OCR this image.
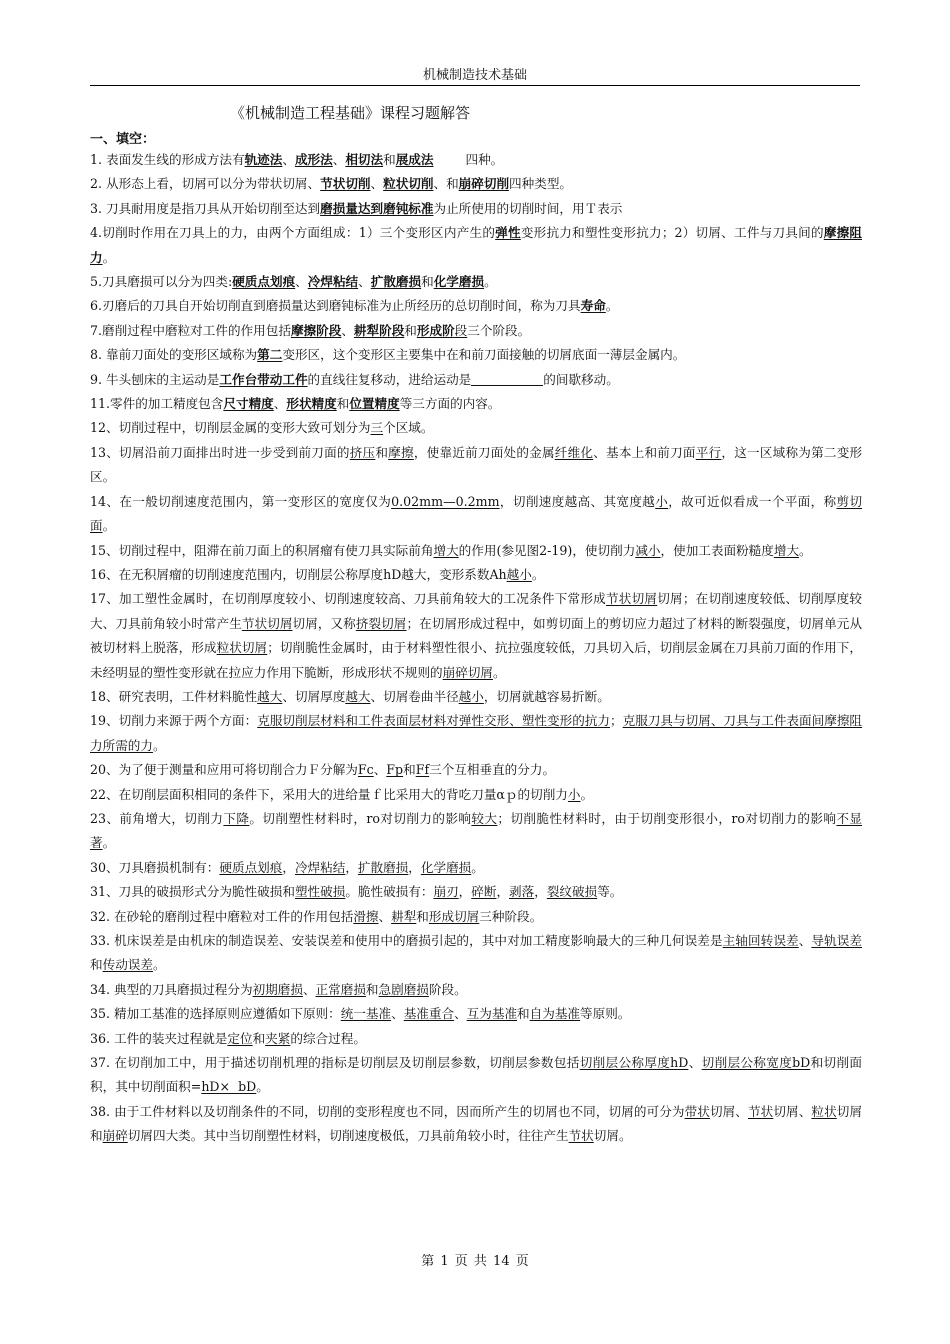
机械制造技术基础
《机械制造工程基础》课程习题解答
一、填空：

1. 表面发生线的形成方法有轨迹法、成形法、相切法和展成法        四种。

2. 从形态上看，切屑可以分为带状切屑、节状切削、粒状切削、和崩碎切削四种类型。

3. 刀具耐用度是指刀具从开始切削至达到磨损量达到磨钝标准为止所使用的切削时间，用Ｔ表示

4.切削时作用在刀具上的力，由两个方面组成：1）三个变形区内产生的弹性变形抗力和塑性变形抗力；2）切屑、工件与刀具间的摩擦阻力。

5.刀具磨损可以分为四类:硬质点划痕、冷焊粘结、扩散磨损和化学磨损。

6.刃磨后的刀具自开始切削直到磨损量达到磨钝标准为止所经历的总切削时间，称为刀具寿命。

7.磨削过程中磨粒对工件的作用包括摩擦阶段、耕犁阶段和形成阶段三个阶段。

8. 靠前刀面处的变形区域称为第二变形区，这个变形区主要集中在和前刀面接触的切屑底面一薄层金属内。

9. 牛头刨床的主运动是工作台带动工件的直线往复移动，进给运动是	的间歇移动。

11.零件的加工精度包含尺寸精度、形状精度和位置精度等三方面的内容。

12、切削过程中，切削层金属的变形大致可划分为三个区域。

13、切屑沿前刀面排出时进一步受到前刀面的挤压和摩擦，使靠近前刀面处的金属纤维化、基本上和前刀面平行，这一区域称为第二变形区。

14、在一般切削速度范围内，第一变形区的宽度仅为0.02mm—0.2mm，切削速度越高、其宽度越小，故可近似看成一个平面，称剪切面。

15、切削过程中，阻滞在前刀面上的积屑瘤有使刀具实际前角增大的作用(参见图2-19)，使切削力减小，使加工表面粉糙度增大。

16、在无积屑瘤的切削速度范围内，切削层公称厚度hD越大，变形系数Ah越小。

17、加工塑性金属时，在切削厚度较小、切削速度较高、刀具前角较大的工况条件下常形成节状切屑切屑；在切削速度较低、切削厚度较大、刀具前角较小时常产生节状切屑切屑，又称挤裂切屑；在切屑形成过程中，如剪切面上的剪切应力超过了材料的断裂强度，切屑单元从被切材料上脱落，形成粒状切屑；切削脆性金属时，由于材料塑性很小、抗拉强度较低，刀具切入后，切削层金属在刀具前刀面的作用下，未经明显的塑性变形就在拉应力作用下脆断，形成形状不规则的崩碎切屑。

18、研究表明，工件材料脆性越大、切屑厚度越大、切屑卷曲半径越小，切屑就越容易折断。

19、切削力来源于两个方面：克服切削层材料和工件表面层材料对弹性交形、塑性变形的抗力；克服刀具与切屑、刀具与工件表面间摩擦阻力所需的力。

20、为了便于测量和应用可将切削合力Ｆ分解为Fc、Fp和Ff三个互相垂直的分力。

22、在切削层面积相同的条件下，采用大的进给量ｆ比采用大的背吃刀量αｐ的切削力小。

23、前角增大，切削力下降。切削塑性材料时，ro对切削力的影响较大；切削脆性材料时，由于切削变形很小，ro对切削力的影响不显著。

30、刀具磨损机制有：硬质点划痕，冷焊粘结，扩散磨损，化学磨损。

31、刀具的破损形式分为脆性破损和塑性破损。脆性破损有：崩刃，碎断，剥落，裂纹破损等。

32. 在砂轮的磨削过程中磨粒对工件的作用包括滑擦、耕犁和形成切屑三种阶段。

33. 机床误差是由机床的制造误差、安装误差和使用中的磨损引起的，其中对加工精度影响最大的三种几何误差是主轴回转误差、导轨误差和传动误差。

34. 典型的刀具磨损过程分为初期磨损、正常磨损和急剧磨损阶段。

35. 精加工基准的选择原则应遵循如下原则：统一基准、基准重合、互为基准和自为基准等原则。

36. 工件的装夹过程就是定位和夹紧的综合过程。

37. 在切削加工中，用于描述切削机理的指标是切削层及切削层参数，切削层参数包括切削层公称厚度hD、切削层公称宽度bD和切削面积，其中切削面积=hD×  bD。

38. 由于工件材料以及切削条件的不同，切削的变形程度也不同，因而所产生的切屑也不同，切屑的可分为带状切屑、节状切屑、粒状切屑和崩碎切屑四大类。其中当切削塑性材料，切削速度极低，刀具前角较小时，往往产生节状切屑。

第 1 页 共 14 页
